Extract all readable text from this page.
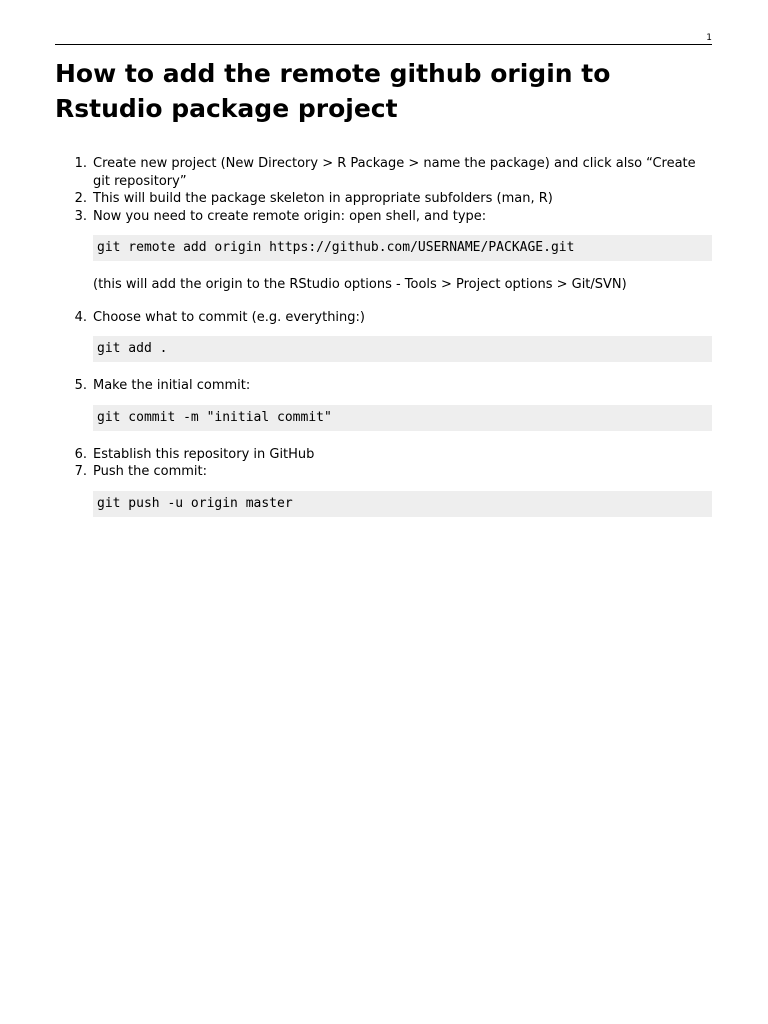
1
How to add the remote github origin to Rstudio package project
1. Create new project (New Directory > R Package > name the package) and click also “Create git repository”
2. This will build the package skeleton in appropriate subfolders (man, R)
3. Now you need to create remote origin: open shell, and type:
git remote add origin https://github.com/USERNAME/PACKAGE.git
(this will add the origin to the RStudio options - Tools > Project options > Git/SVN)
4. Choose what to commit (e.g. everything:)
git add .
5. Make the initial commit:
git commit -m "initial commit"
6. Establish this repository in GitHub
7. Push the commit:
git push -u origin master
